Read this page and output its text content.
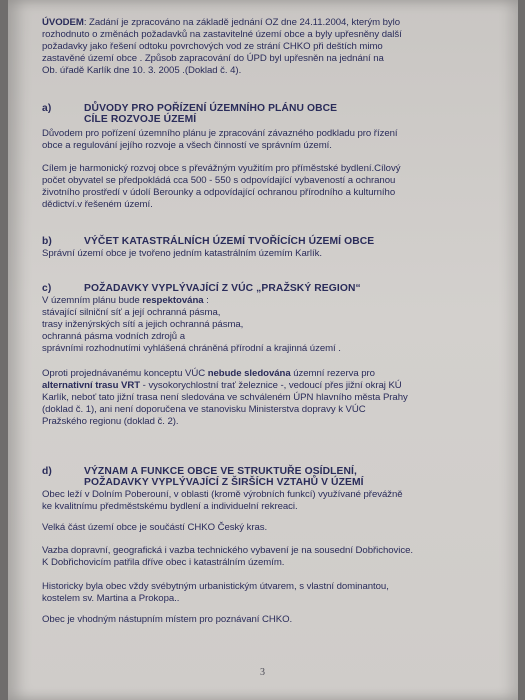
ÚVODEM: Zadání je zpracováno na základě jednání OZ dne 24.11.2004, kterým bylo

rozhodnuto o změnách požadavků na zastavitelné území obce a byly upřesněny další

požadavky jako řešení odtoku povrchových vod ze strání CHKO při deštích mimo

zastavěné území obce . Způsob zapracování do ÚPD byl upřesněn na jednání na

Ob. úřadě Karlík dne 10. 3. 2005 .(Doklad č. 4).

a)	DŮVODY PRO POŘÍZENÍ ÚZEMNÍHO PLÁNU OBCE
CÍLE ROZVOJE ÚZEMÍ

Důvodem pro pořízení územního plánu je zpracování závazného podkladu pro řízení

obce a regulování jejího rozvoje a všech činností ve správním území.

Cílem je harmonický rozvoj obce s převážným využitím pro příměstské bydlení.Cílový

počet obyvatel se předpokládá cca 500 - 550 s odpovídající vybaveností a ochranou

životního prostředí v údolí Berounky a odpovídající ochranou přírodního a kulturního

dědictví.v řešeném území.

b)	VÝČET KATASTRÁLNÍCH ÚZEMÍ TVOŘÍCÍCH ÚZEMÍ OBCE

Správní území obce je tvořeno jedním katastrálním územím Karlík.

c)	POŽADAVKY VYPLÝVAJÍCÍ Z VÚC „PRAŽSKÝ REGION“

V územním plánu bude respektována :

stávající silniční síť a její ochranná pásma,

trasy inženýrských sítí a jejich ochranná pásma,

ochranná pásma vodních zdrojů a

správními rozhodnutími vyhlášená chráněná přírodní a krajinná území .

Oproti projednávanému konceptu VÚC nebude sledována územní rezerva pro

alternativní trasu VRT - vysokorychlostní trať železnice -, vedoucí přes jižní okraj KÚ

Karlík, neboť tato jižní trasa není sledována ve schváleném ÚPN hlavního města Prahy

(doklad č. 1), ani není doporučena ve stanovisku Ministerstva dopravy k VÚC

Pražského regionu (doklad č. 2).

d)	VÝZNAM A FUNKCE OBCE VE STRUKTUŘE OSÍDLENÍ,
POŽADAVKY VYPLÝVAJÍCÍ Z ŠIRŠÍCH VZTAHŮ V ÚZEMÍ

Obec leží v Dolním Poberouní, v oblasti (kromě výrobních funkcí) využívané převážně

ke kvalitnímu předměstskému bydlení a individuelní rekreaci.

Velká část území obce je součástí CHKO Český kras.

Vazba dopravní, geografická i vazba technického vybavení je na sousední Dobřichovice.

K Dobřichovicím patřila dříve obec i katastrálním územím.

Historicky byla obec vždy svébytným urbanistickým útvarem, s vlastní dominantou,

kostelem sv. Martina a Prokopa..

Obec je vhodným nástupním místem pro poznávaní CHKO.

3
